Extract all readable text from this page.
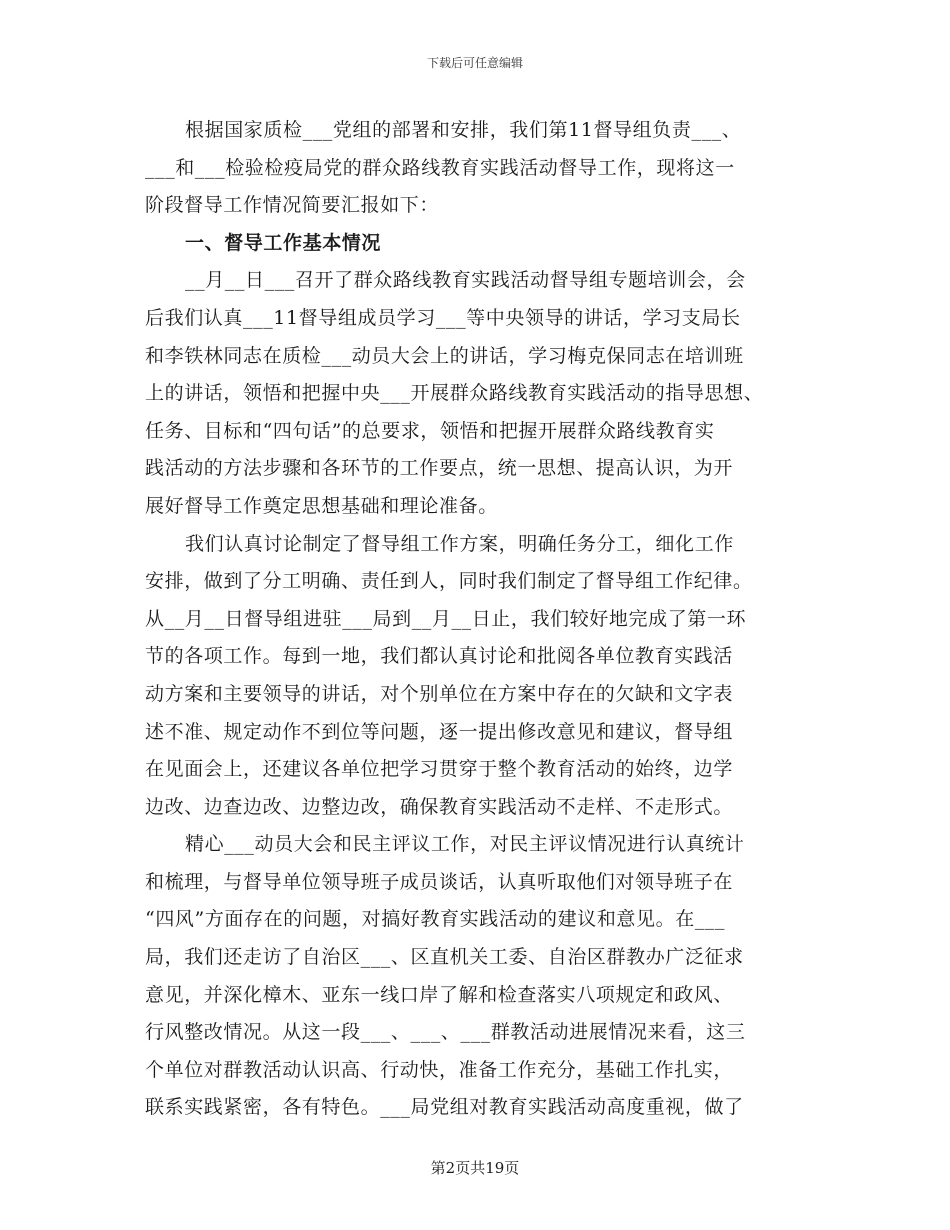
下载后可任意编辑
根据国家质检___党组的部署和安排，我们第11督导组负责___、
___和___检验检疫局党的群众路线教育实践活动督导工作，现将这一
阶段督导工作情况简要汇报如下：
一、督导工作基本情况
__月__日___召开了群众路线教育实践活动督导组专题培训会，会
后我们认真___11督导组成员学习___等中央领导的讲话，学习支局长
和李铁林同志在质检___动员大会上的讲话，学习梅克保同志在培训班
上的讲话，领悟和把握中央___开展群众路线教育实践活动的指导思想、
任务、目标和“四句话”的总要求，领悟和把握开展群众路线教育实
践活动的方法步骤和各环节的工作要点，统一思想、提高认识，为开
展好督导工作奠定思想基础和理论准备。
我们认真讨论制定了督导组工作方案，明确任务分工，细化工作
安排，做到了分工明确、责任到人，同时我们制定了督导组工作纪律。
从__月__日督导组进驻___局到__月__日止，我们较好地完成了第一环
节的各项工作。每到一地，我们都认真讨论和批阅各单位教育实践活
动方案和主要领导的讲话，对个别单位在方案中存在的欠缺和文字表
述不准、规定动作不到位等问题，逐一提出修改意见和建议，督导组
在见面会上，还建议各单位把学习贯穿于整个教育活动的始终，边学
边改、边查边改、边整边改，确保教育实践活动不走样、不走形式。
精心___动员大会和民主评议工作，对民主评议情况进行认真统计
和梳理，与督导单位领导班子成员谈话，认真听取他们对领导班子在
“四风”方面存在的问题，对搞好教育实践活动的建议和意见。在___
局，我们还走访了自治区___、区直机关工委、自治区群教办广泛征求
意见，并深化樟木、亚东一线口岸了解和检查落实八项规定和政风、
行风整改情况。从这一段___、___、___群教活动进展情况来看，这三
个单位对群教活动认识高、行动快，准备工作充分，基础工作扎实，
联系实践紧密，各有特色。___局党组对教育实践活动高度重视，做了
第2页共19页
